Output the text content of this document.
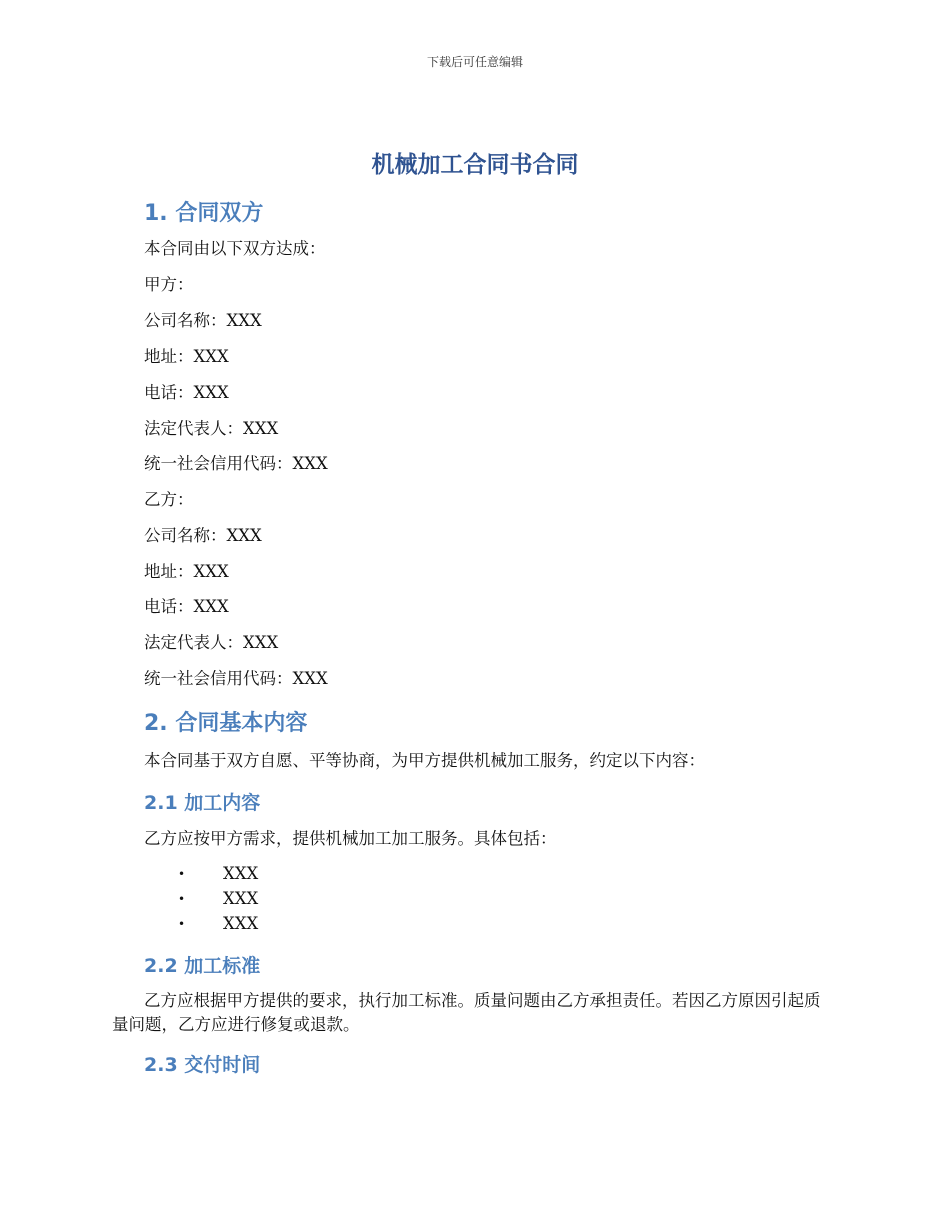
下载后可任意编辑
机械加工合同书合同
1. 合同双方

本合同由以下双方达成：

甲方：

公司名称：XXX

地址：XXX

电话：XXX

法定代表人：XXX

统一社会信用代码：XXX

乙方：

公司名称：XXX

地址：XXX

电话：XXX

法定代表人：XXX

统一社会信用代码：XXX

2. 合同基本内容

本合同基于双方自愿、平等协商，为甲方提供机械加工服务，约定以下内容：

2.1 加工内容

乙方应按甲方需求，提供机械加工加工服务。具体包括：

• XXX
• XXX
• XXX
2.2 加工标准

乙方应根据甲方提供的要求，执行加工标准。质量问题由乙方承担责任。若因乙方原因引起质量问题，乙方应进行修复或退款。

2.3 交付时间
